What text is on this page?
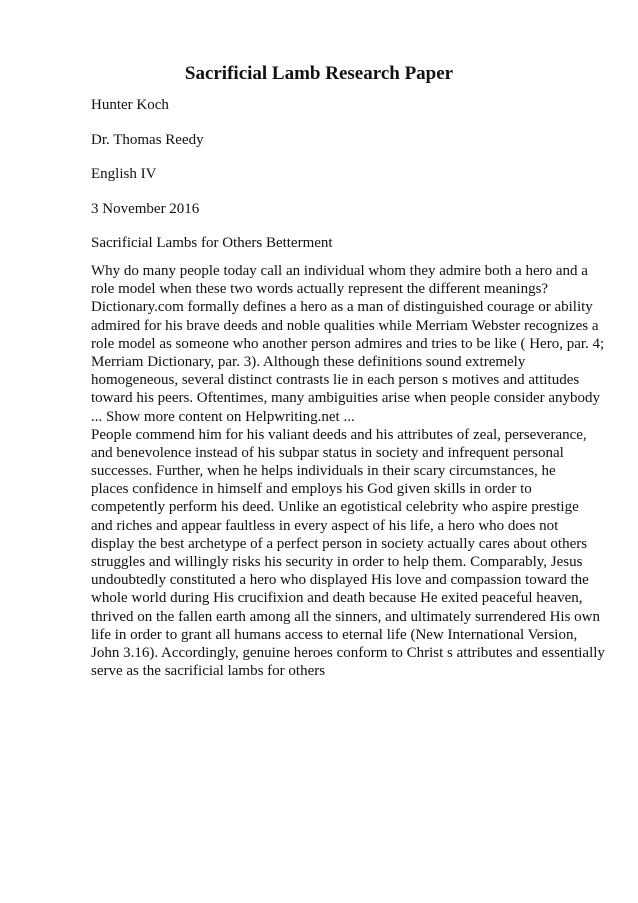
Sacrificial Lamb Research Paper
Hunter Koch
Dr. Thomas Reedy
English IV
3 November 2016
Sacrificial Lambs for Others Betterment
Why do many people today call an individual whom they admire both a hero and a
role model when these two words actually represent the different meanings?
Dictionary.com formally defines a hero as a man of distinguished courage or ability
admired for his brave deeds and noble qualities while Merriam Webster recognizes a
role model as someone who another person admires and tries to be like ( Hero, par. 4;
Merriam Dictionary, par. 3). Although these definitions sound extremely
homogeneous, several distinct contrasts lie in each person s motives and attitudes
toward his peers. Oftentimes, many ambiguities arise when people consider anybody
... Show more content on Helpwriting.net ...
People commend him for his valiant deeds and his attributes of zeal, perseverance,
and benevolence instead of his subpar status in society and infrequent personal
successes. Further, when he helps individuals in their scary circumstances, he
places confidence in himself and employs his God given skills in order to
competently perform his deed. Unlike an egotistical celebrity who aspire prestige
and riches and appear faultless in every aspect of his life, a hero who does not
display the best archetype of a perfect person in society actually cares about others
struggles and willingly risks his security in order to help them. Comparably, Jesus
undoubtedly constituted a hero who displayed His love and compassion toward the
whole world during His crucifixion and death because He exited peaceful heaven,
thrived on the fallen earth among all the sinners, and ultimately surrendered His own
life in order to grant all humans access to eternal life (New International Version,
John 3.16). Accordingly, genuine heroes conform to Christ s attributes and essentially
serve as the sacrificial lambs for others
